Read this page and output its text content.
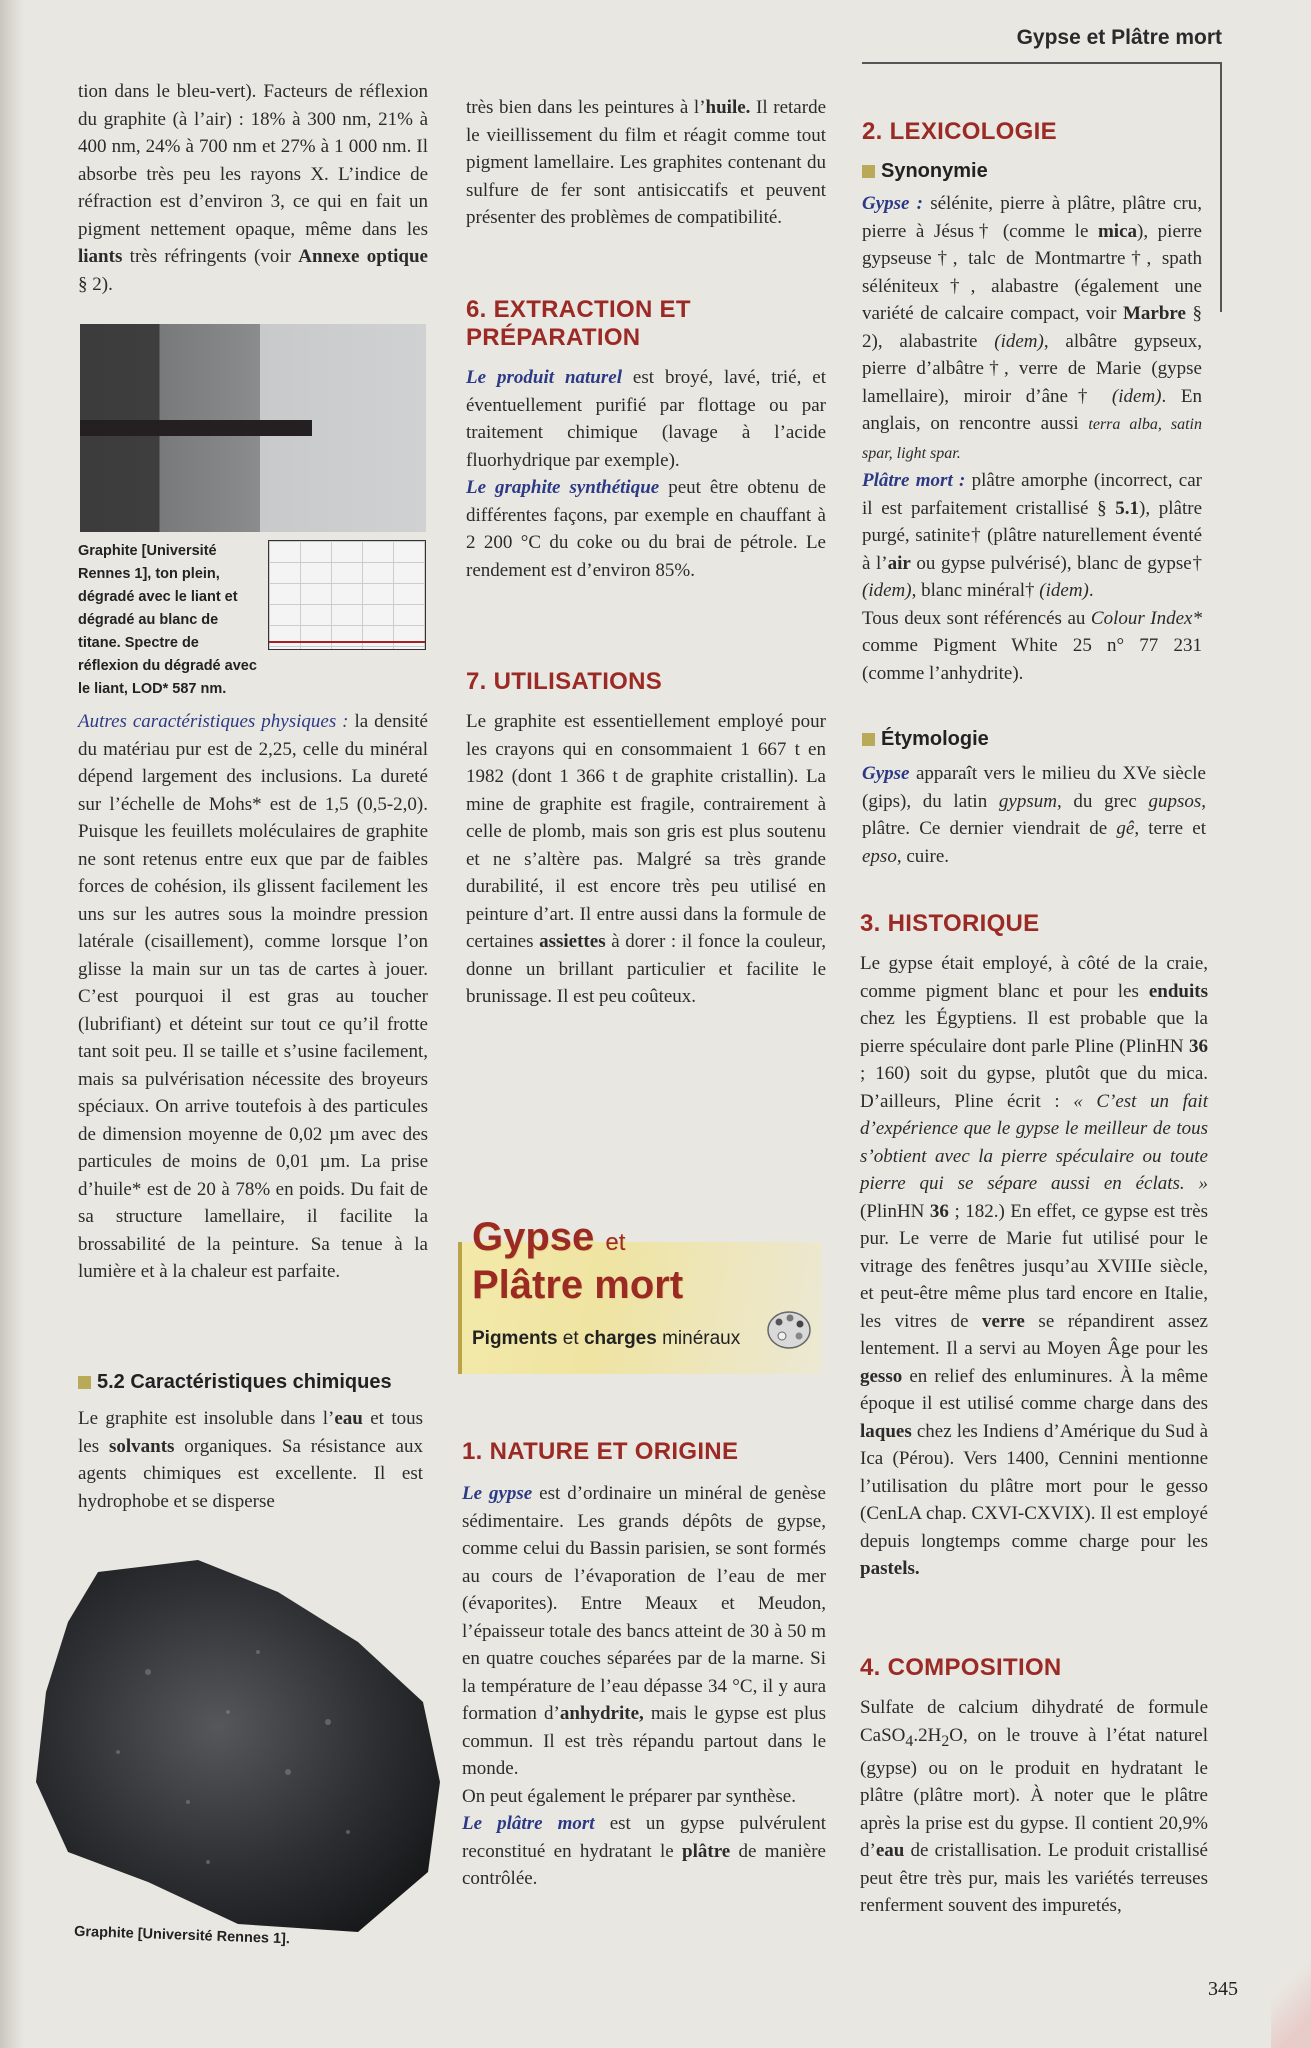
Gypse et Plâtre mort

tion dans le bleu-vert). Facteurs de réflexion du graphite (à l’air) : 18% à 300 nm, 21% à 400 nm, 24% à 700 nm et 27% à 1 000 nm. Il absorbe très peu les rayons X. L’indice de réfraction est d’environ 3, ce qui en fait un pigment nettement opaque, même dans les liants très réfringents (voir Annexe optique § 2).

Graphite [Université Rennes 1], ton plein, dégradé avec le liant et dégradé au blanc de titane. Spectre de réflexion du dégradé avec le liant, LOD* 587 nm.

Autres caractéristiques physiques : la densité du matériau pur est de 2,25, celle du minéral dépend largement des inclusions. La dureté sur l’échelle de Mohs* est de 1,5 (0,5-2,0). Puisque les feuillets moléculaires de graphite ne sont retenus entre eux que par de faibles forces de cohésion, ils glissent facilement les uns sur les autres sous la moindre pression latérale (cisaillement), comme lorsque l’on glisse la main sur un tas de cartes à jouer. C’est pourquoi il est gras au toucher (lubrifiant) et déteint sur tout ce qu’il frotte tant soit peu. Il se taille et s’usine facilement, mais sa pulvérisation nécessite des broyeurs spéciaux. On arrive toutefois à des particules de dimension moyenne de 0,02 µm avec des particules de moins de 0,01 µm. La prise d’huile* est de 20 à 78% en poids. Du fait de sa structure lamellaire, il facilite la brossabilité de la peinture. Sa tenue à la lumière et à la chaleur est parfaite.

5.2 Caractéristiques chimiques

Le graphite est insoluble dans l’eau et tous les solvants organiques. Sa résistance aux agents chimiques est excellente. Il est hydrophobe et se disperse

Graphite [Université Rennes 1].

très bien dans les peintures à l’huile. Il retarde le vieillissement du film et réagit comme tout pigment lamellaire. Les graphites contenant du sulfure de fer sont antisiccatifs et peuvent présenter des problèmes de compatibilité.

6. EXTRACTION ET PRÉPARATION

Le produit naturel est broyé, lavé, trié, et éventuellement purifié par flottage ou par traitement chimique (lavage à l’acide fluorhydrique par exemple).

Le graphite synthétique peut être obtenu de différentes façons, par exemple en chauffant à 2 200 °C du coke ou du brai de pétrole. Le rendement est d’environ 85%.

7. UTILISATIONS

Le graphite est essentiellement employé pour les crayons qui en consommaient 1 667 t en 1982 (dont 1 366 t de graphite cristallin). La mine de graphite est fragile, contrairement à celle de plomb, mais son gris est plus soutenu et ne s’altère pas. Malgré sa très grande durabilité, il est encore très peu utilisé en peinture d’art. Il entre aussi dans la formule de certaines assiettes à dorer : il fonce la couleur, donne un brillant particulier et facilite le brunissage. Il est peu coûteux.

Gypse et
Plâtre mort
Pigments et charges minéraux
1. NATURE ET ORIGINE

Le gypse est d’ordinaire un minéral de genèse sédimentaire. Les grands dépôts de gypse, comme celui du Bassin parisien, se sont formés au cours de l’évaporation de l’eau de mer (évaporites). Entre Meaux et Meudon, l’épaisseur totale des bancs atteint de 30 à 50 m en quatre couches séparées par de la marne. Si la température de l’eau dépasse 34 °C, il y aura formation d’anhydrite, mais le gypse est plus commun. Il est très répandu partout dans le monde.

On peut également le préparer par synthèse.

Le plâtre mort est un gypse pulvérulent reconstitué en hydratant le plâtre de manière contrôlée.

2. LEXICOLOGIE
Synonymie

Gypse : sélénite, pierre à plâtre, plâtre cru, pierre à Jésus† (comme le mica), pierre gypseuse†, talc de Montmartre†, spath séléniteux†, alabastre (également une variété de calcaire compact, voir Marbre § 2), alabastrite (idem), albâtre gypseux, pierre d’albâtre†, verre de Marie (gypse lamellaire), miroir d’âne† (idem). En anglais, on rencontre aussi terra alba, satin spar, light spar.

Plâtre mort : plâtre amorphe (incorrect, car il est parfaitement cristallisé § 5.1), plâtre purgé, satinite† (plâtre naturellement éventé à l’air ou gypse pulvérisé), blanc de gypse† (idem), blanc minéral† (idem).

Tous deux sont référencés au Colour Index* comme Pigment White 25 n° 77 231 (comme l’anhydrite).

Étymologie

Gypse apparaît vers le milieu du XVe siècle (gips), du latin gypsum, du grec gupsos, plâtre. Ce dernier viendrait de gê, terre et epso, cuire.

3. HISTORIQUE

Le gypse était employé, à côté de la craie, comme pigment blanc et pour les enduits chez les Égyptiens. Il est probable que la pierre spéculaire dont parle Pline (PlinHN 36 ; 160) soit du gypse, plutôt que du mica. D’ailleurs, Pline écrit : « C’est un fait d’expérience que le gypse le meilleur de tous s’obtient avec la pierre spéculaire ou toute pierre qui se sépare aussi en éclats. » (PlinHN 36 ; 182.) En effet, ce gypse est très pur. Le verre de Marie fut utilisé pour le vitrage des fenêtres jusqu’au XVIIIe siècle, et peut-être même plus tard encore en Italie, les vitres de verre se répandirent assez lentement. Il a servi au Moyen Âge pour les gesso en relief des enluminures. À la même époque il est utilisé comme charge dans des laques chez les Indiens d’Amérique du Sud à Ica (Pérou). Vers 1400, Cennini mentionne l’utilisation du plâtre mort pour le gesso (CenLA chap. CXVI-CXVIX). Il est employé depuis longtemps comme charge pour les pastels.

4. COMPOSITION

Sulfate de calcium dihydraté de formule $CaSO_4.2H_2O$, on le trouve à l’état naturel (gypse) ou on le produit en hydratant le plâtre (plâtre mort). À noter que le plâtre après la prise est du gypse. Il contient 20,9% d’eau de cristallisation. Le produit cristallisé peut être très pur, mais les variétés terreuses renferment souvent des impuretés,

345
